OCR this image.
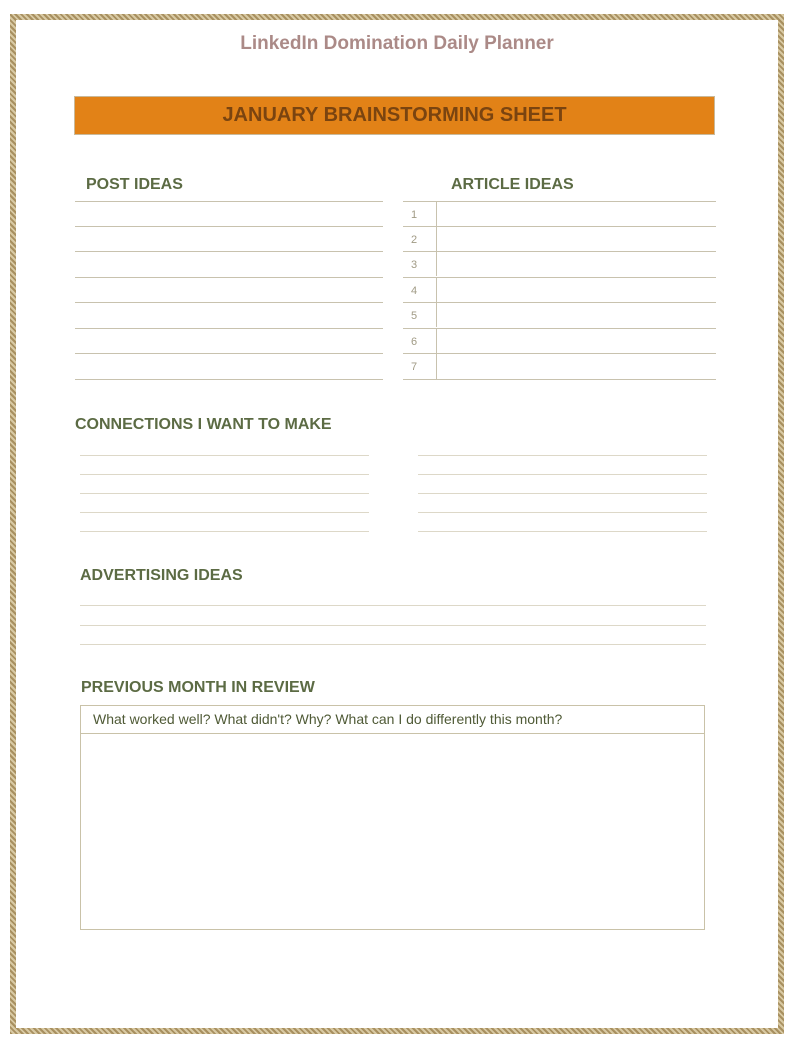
LinkedIn Domination Daily Planner
JANUARY BRAINSTORMING SHEET
POST IDEAS	ARTICLE IDEAS
1
2
3
4
5
6
7
CONNECTIONS I WANT TO MAKE
ADVERTISING IDEAS
PREVIOUS MONTH IN REVIEW
What worked well? What didn't? Why? What can I do differently this month?
